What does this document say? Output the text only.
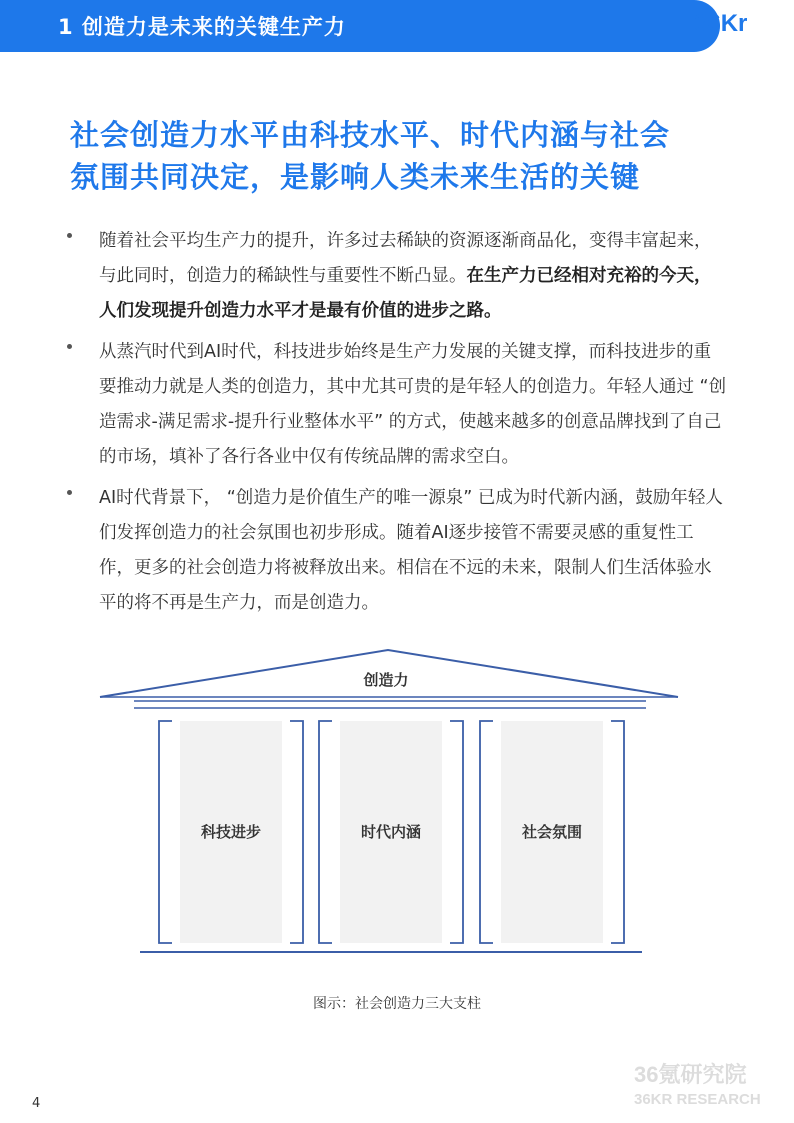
1 创造力是未来的关键生产力	36Kr
社会创造力水平由科技水平、时代内涵与社会
氛围共同决定，是影响人类未来生活的关键

随着社会平均生产力的提升，许多过去稀缺的资源逐渐商品化，变得丰富起来，与此同时，创造力的稀缺性与重要性不断凸显。在生产力已经相对充裕的今天，人们发现提升创造力水平才是最有价值的进步之路。

从蒸汽时代到AI时代，科技进步始终是生产力发展的关键支撑，而科技进步的重要推动力就是人类的创造力，其中尤其可贵的是年轻人的创造力。年轻人通过 “创造需求-满足需求-提升行业整体水平” 的方式，使越来越多的创意品牌找到了自己的市场，填补了各行各业中仅有传统品牌的需求空白。

AI时代背景下， “创造力是价值生产的唯一源泉” 已成为时代新内涵，鼓励年轻人们发挥创造力的社会氛围也初步形成。随着AI逐步接管不需要灵感的重复性工作，更多的社会创造力将被释放出来。相信在不远的未来，限制人们生活体验水平的将不再是生产力，而是创造力。

创造力
科技进步	时代内涵	社会氛围
图示：社会创造力三大支柱
36氪研究院
36KR RESEARCH
4
